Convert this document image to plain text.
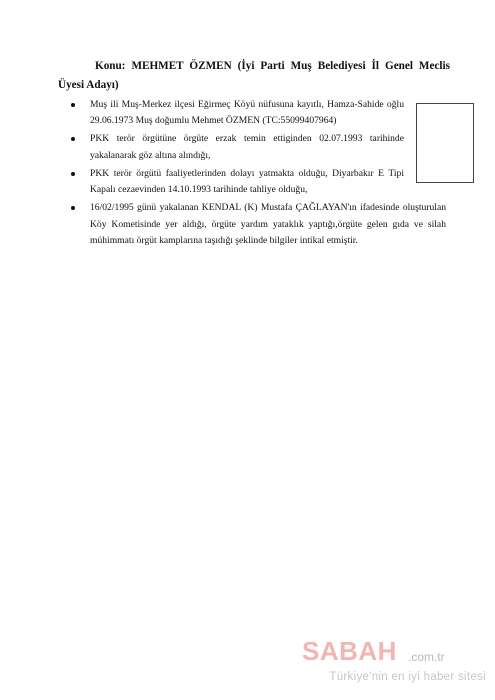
Konu: MEHMET ÖZMEN (İyi Parti Muş Belediyesi İl Genel Meclis Üyesi Adayı)

Muş ili Muş-Merkez ilçesi Eğirmeç Köyü nüfusuna kayıtlı, Hamza-Sahide oğlu 29.06.1973 Muş doğumlu Mehmet ÖZMEN (TC:55099407964)
PKK terör örgütüne örgüte erzak temin ettiginden 02.07.1993 tarihinde yakalanarak göz altına alındığı,
PKK terör örgütü faaliyetlerinden dolayı yatmakta olduğu, Diyarbakır E Tipi Kapalı cezaevinden 14.10.1993 tarihinde tahliye olduğu,
16/02/1995 günü yakalanan KENDAL (K) Mustafa ÇAĞLAYAN'ın ifadesinde oluşturulan Köy Kometisinde yer aldığı, örgüte yardım yataklık yaptığı,örgüte gelen gıda ve silah mühimmatı örgüt kamplarına taşıdığı şeklinde bilgiler intikal etmiştir.
SABAH .com.tr
Türkiye'nin en iyi haber sitesi
